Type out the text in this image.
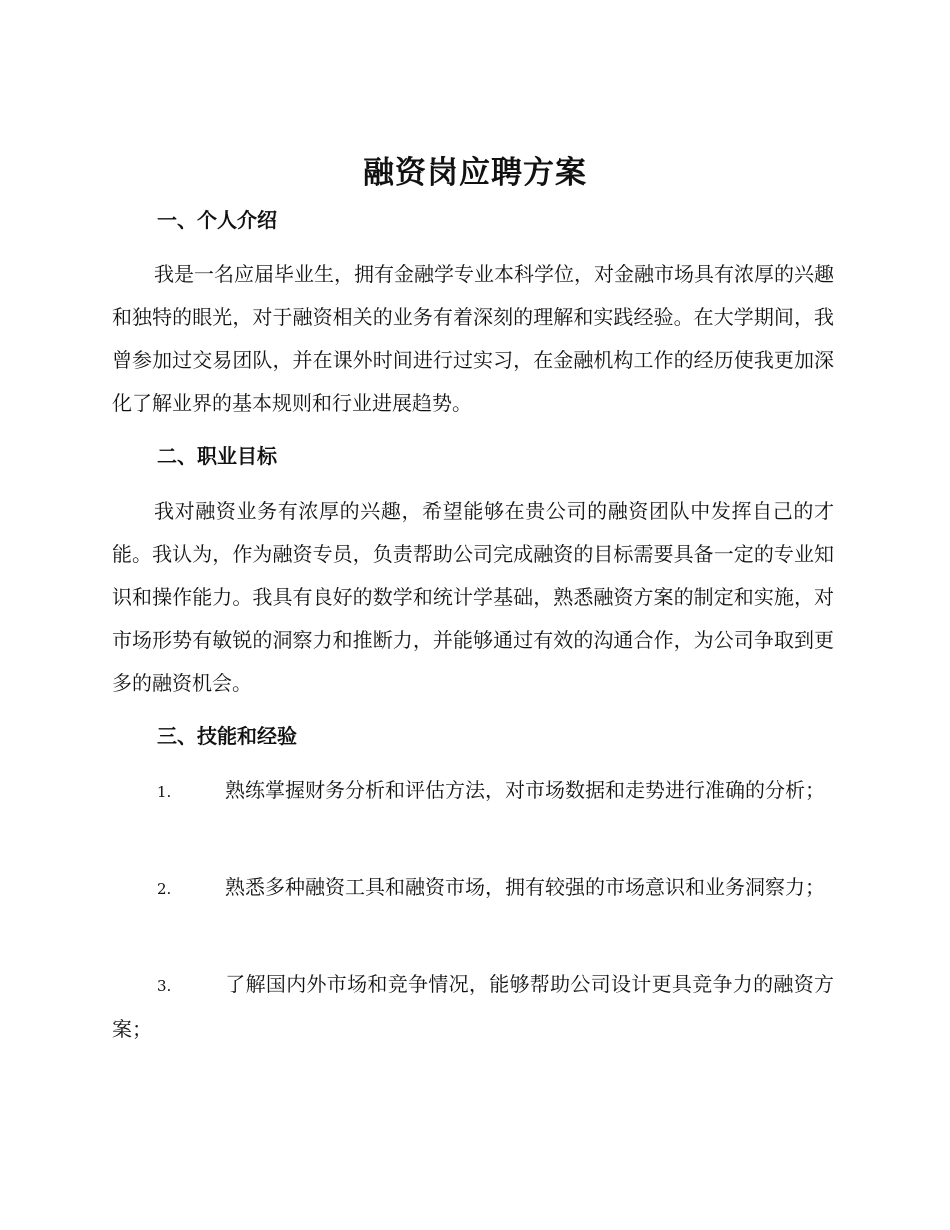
融资岗应聘方案
一、个人介绍

我是一名应届毕业生，拥有金融学专业本科学位，对金融市场具有浓厚的兴趣和独特的眼光，对于融资相关的业务有着深刻的理解和实践经验。在大学期间，我曾参加过交易团队，并在课外时间进行过实习，在金融机构工作的经历使我更加深化了解业界的基本规则和行业进展趋势。

二、职业目标

我对融资业务有浓厚的兴趣，希望能够在贵公司的融资团队中发挥自己的才能。我认为，作为融资专员，负责帮助公司完成融资的目标需要具备一定的专业知识和操作能力。我具有良好的数学和统计学基础，熟悉融资方案的制定和实施，对市场形势有敏锐的洞察力和推断力，并能够通过有效的沟通合作，为公司争取到更多的融资机会。

三、技能和经验

1.	熟练掌握财务分析和评估方法，对市场数据和走势进行准确的分析；

2.	熟悉多种融资工具和融资市场，拥有较强的市场意识和业务洞察力；

3.	了解国内外市场和竞争情况，能够帮助公司设计更具竞争力的融资方案；
